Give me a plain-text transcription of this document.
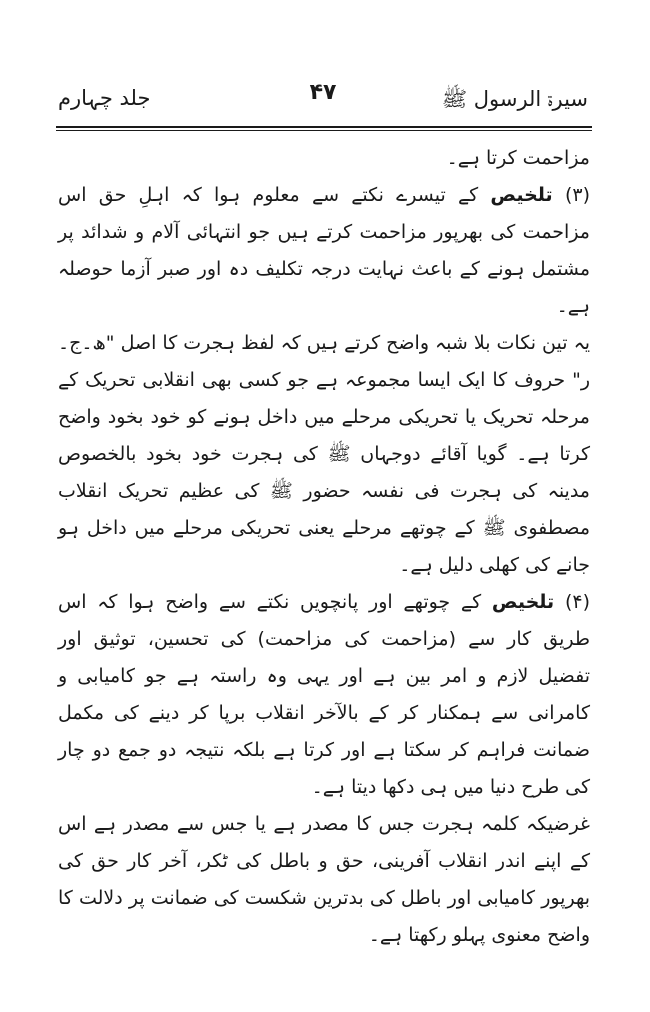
سیرۃ الرسول ﷺ
۴۷
جلد چہارم

مزاحمت کرتا ہے۔

(۳) تلخیص کے تیسرے نکتے سے معلوم ہوا کہ اہلِ حق اس مزاحمت کی بھرپور مزاحمت کرتے ہیں جو انتہائی آلام و شدائد پر مشتمل ہونے کے باعث نہایت درجہ تکلیف دہ اور صبر آزما حوصلہ ہے۔

یہ تین نکات بلا شبہ واضح کرتے ہیں کہ لفظ ہجرت کا اصل "ھ۔ج۔ر" حروف کا ایک ایسا مجموعہ ہے جو کسی بھی انقلابی تحریک کے مرحلہ تحریک یا تحریکی مرحلے میں داخل ہونے کو خود بخود واضح کرتا ہے۔ گویا آقائے دوجہاں ﷺ کی ہجرت خود بخود بالخصوص مدینہ کی ہجرت فی نفسہ حضور ﷺ کی عظیم تحریک انقلاب مصطفوی ﷺ کے چوتھے مرحلے یعنی تحریکی مرحلے میں داخل ہو جانے کی کھلی دلیل ہے۔

(۴) تلخیص کے چوتھے اور پانچویں نکتے سے واضح ہوا کہ اس طریق کار سے (مزاحمت کی مزاحمت) کی تحسین، توثیق اور تفضیل لازم و امر بین ہے اور یہی وہ راستہ ہے جو کامیابی و کامرانی سے ہمکنار کر کے بالآخر انقلاب برپا کر دینے کی مکمل ضمانت فراہم کر سکتا ہے اور کرتا ہے بلکہ نتیجہ دو جمع دو چار کی طرح دنیا میں ہی دکھا دیتا ہے۔

غرضیکہ کلمہ ہجرت جس کا مصدر ہے یا جس سے مصدر ہے اس کے اپنے اندر انقلاب آفرینی، حق و باطل کی ٹکر، آخر کار حق کی بھرپور کامیابی اور باطل کی بدترین شکست کی ضمانت پر دلالت کا واضح معنوی پہلو رکھتا ہے۔
